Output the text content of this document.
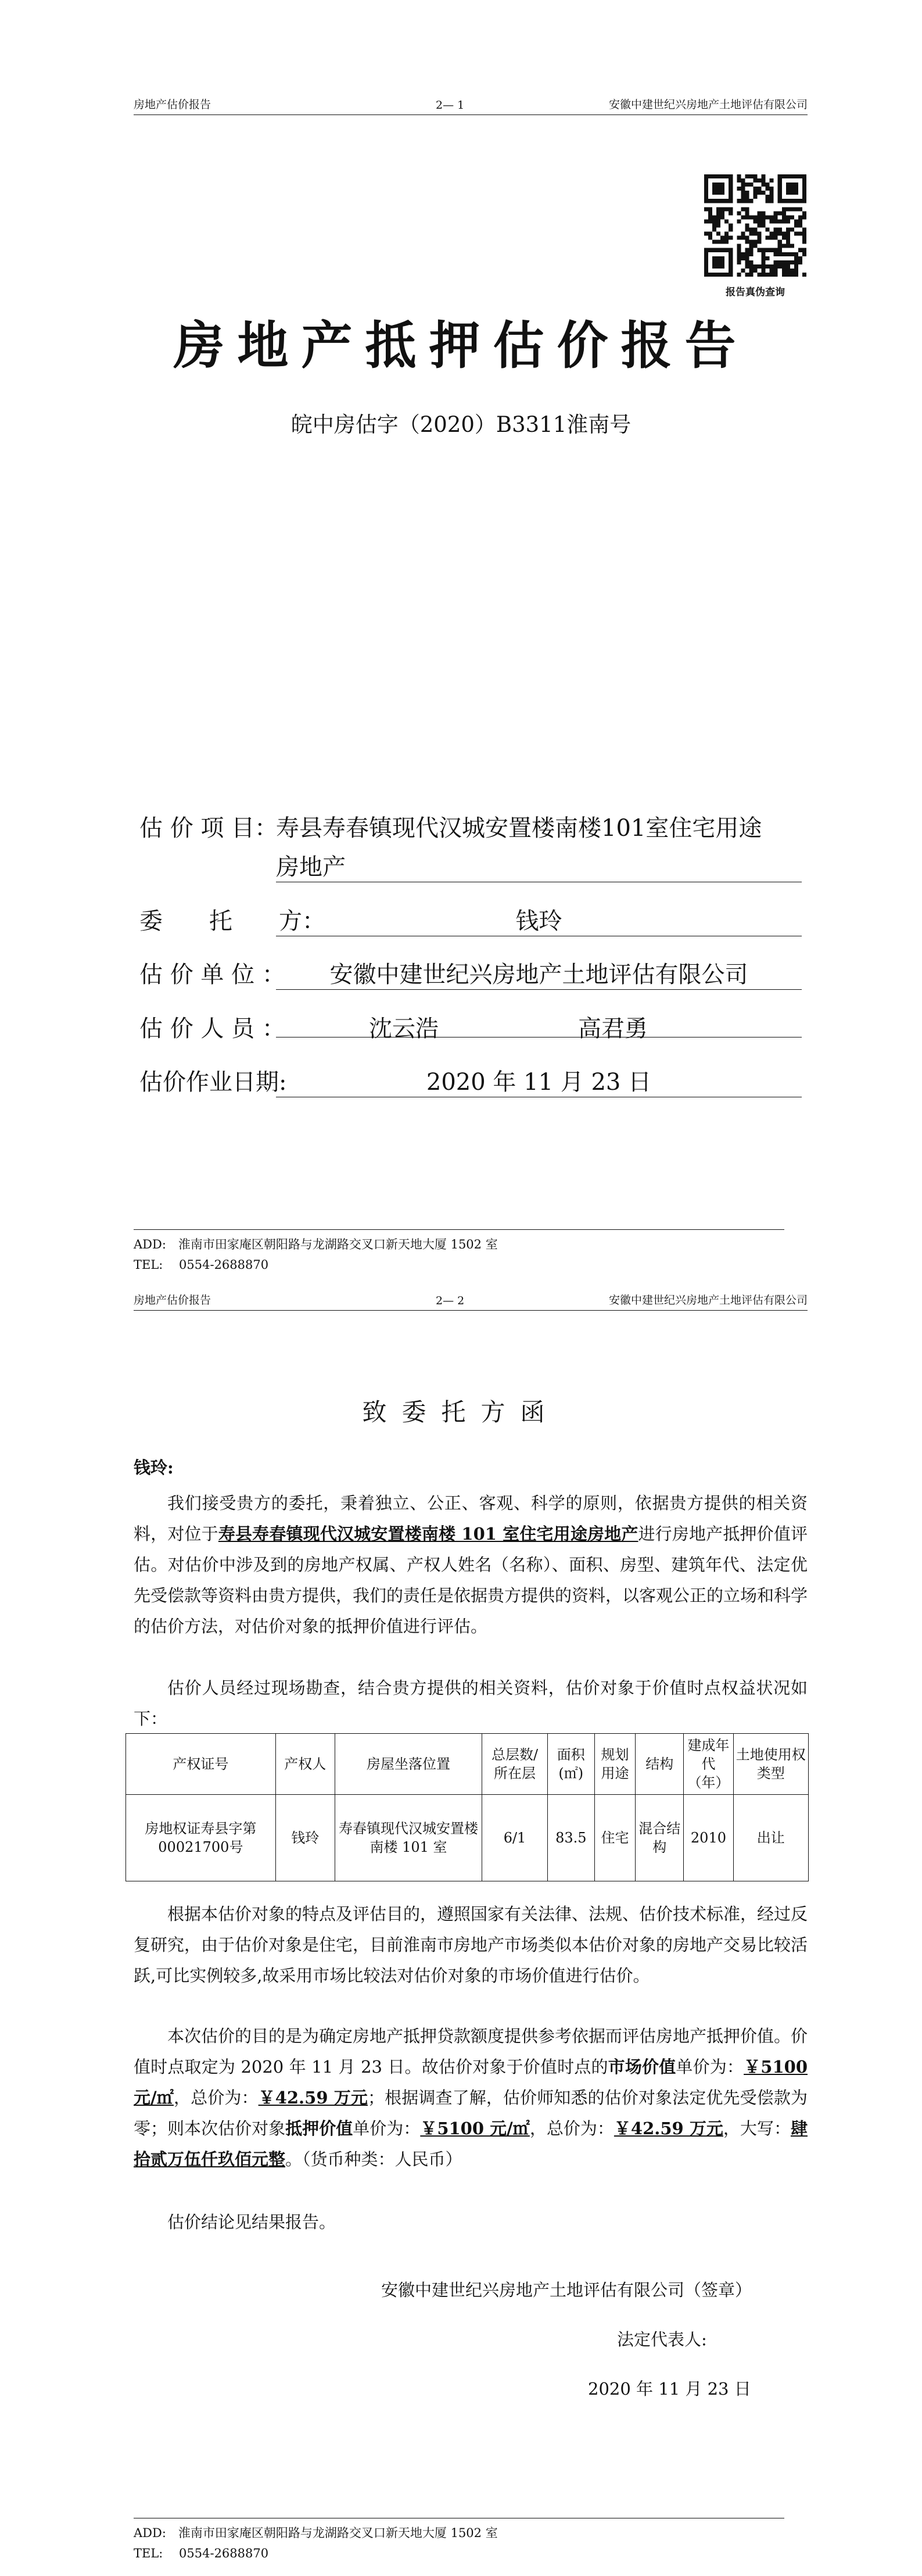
房地产估价报告	2— 1	安徽中建世纪兴房地产土地评估有限公司
报告真伪查询
房地产抵押估价报告
皖中房估字（2020）B3311淮南号
估 价 项 目：
寿县寿春镇现代汉城安置楼南楼101室住宅用途
房地产
委　　托　　方：	钱玲
估 价 单 位 ：	安徽中建世纪兴房地产土地评估有限公司
估 价 人 员 ：	沈云浩	高君勇

估价作业日期:	2020 年 11 月 23 日
ADD:　淮南市田家庵区朝阳路与龙湖路交叉口新天地大厦 1502 室
TEL:　 0554-2688870
房地产估价报告	2— 2	安徽中建世纪兴房地产土地评估有限公司
致委托方函
钱玲:
我们接受贵方的委托，秉着独立、公正、客观、科学的原则，依据贵方提供的相关资料，对位于寿县寿春镇现代汉城安置楼南楼 101 室住宅用途房地产进行房地产抵押价值评估。对估价中涉及到的房地产权属、产权人姓名（名称）、面积、房型、建筑年代、法定优先受偿款等资料由贵方提供，我们的责任是依据贵方提供的资料，以客观公正的立场和科学的估价方法，对估价对象的抵押价值进行评估。
估价人员经过现场勘查，结合贵方提供的相关资料，估价对象于价值时点权益状况如下：
产权证号	产权人	房屋坐落位置	总层数/所在层	面积(㎡)	规划用途	结构	建成年代（年）	土地使用权类型
房地权证寿县字第00021700号	钱玲	寿春镇现代汉城安置楼南楼 101 室	6/1	83.5	住宅	混合结构	2010	出让
根据本估价对象的特点及评估目的，遵照国家有关法律、法规、估价技术标准，经过反复研究，由于估价对象是住宅，目前淮南市房地产市场类似本估价对象的房地产交易比较活跃,可比实例较多,故采用市场比较法对估价对象的市场价值进行估价。
本次估价的目的是为确定房地产抵押贷款额度提供参考依据而评估房地产抵押价值。价值时点取定为 2020 年 11 月 23 日。故估价对象于价值时点的市场价值单价为：￥5100 元/㎡，总价为：￥42.59 万元；根据调查了解，估价师知悉的估价对象法定优先受偿款为零；则本次估价对象抵押价值单价为：￥5100 元/㎡，总价为：￥42.59 万元，大写：肆拾贰万伍仟玖佰元整。（货币种类：人民币）
估价结论见结果报告。
安徽中建世纪兴房地产土地评估有限公司（签章）
法定代表人:
2020 年 11 月 23 日
ADD:　淮南市田家庵区朝阳路与龙湖路交叉口新天地大厦 1502 室
TEL:　 0554-2688870
